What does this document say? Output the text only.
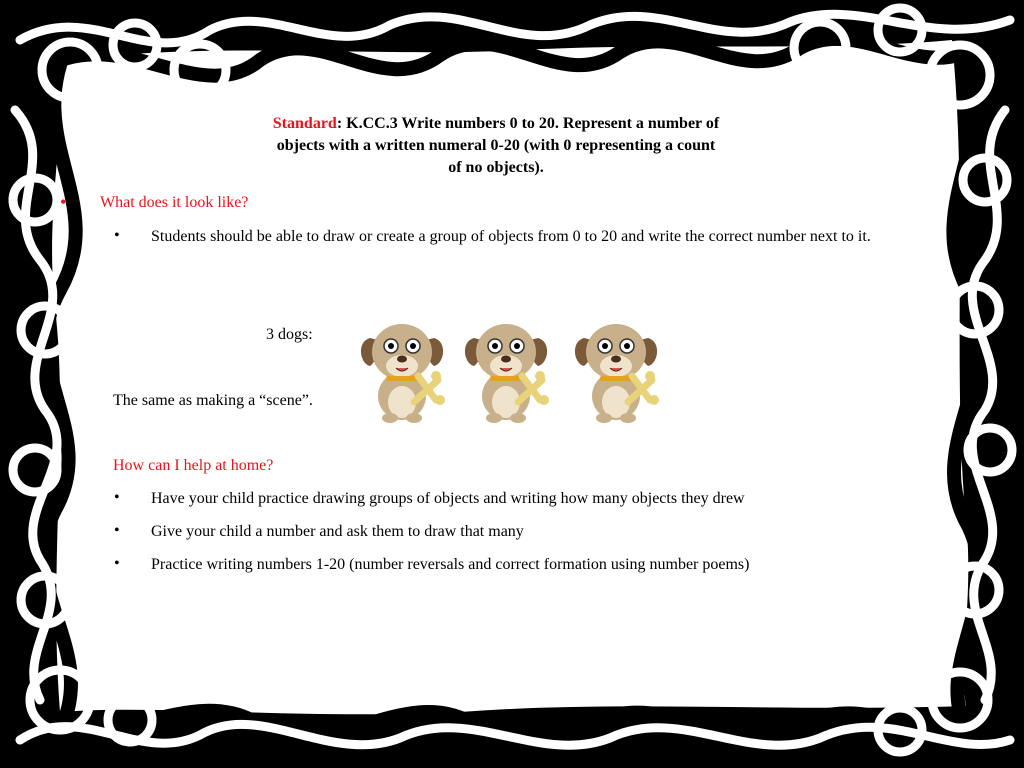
Standard: K.CC.3 Write numbers 0 to 20. Represent a number of
objects with a written numeral 0-20 (with 0 representing a count
of no objects).
• What does it look like?
• Students should be able to draw or create a group of objects from 0 to 20 and write the correct number next to it.
3 dogs:
The same as making a “scene”.
How can I help at home?
• Have your child practice drawing groups of objects and writing how many objects they drew
• Give your child a number and ask them to draw that many
• Practice writing numbers 1-20 (number reversals and correct formation using number poems)
